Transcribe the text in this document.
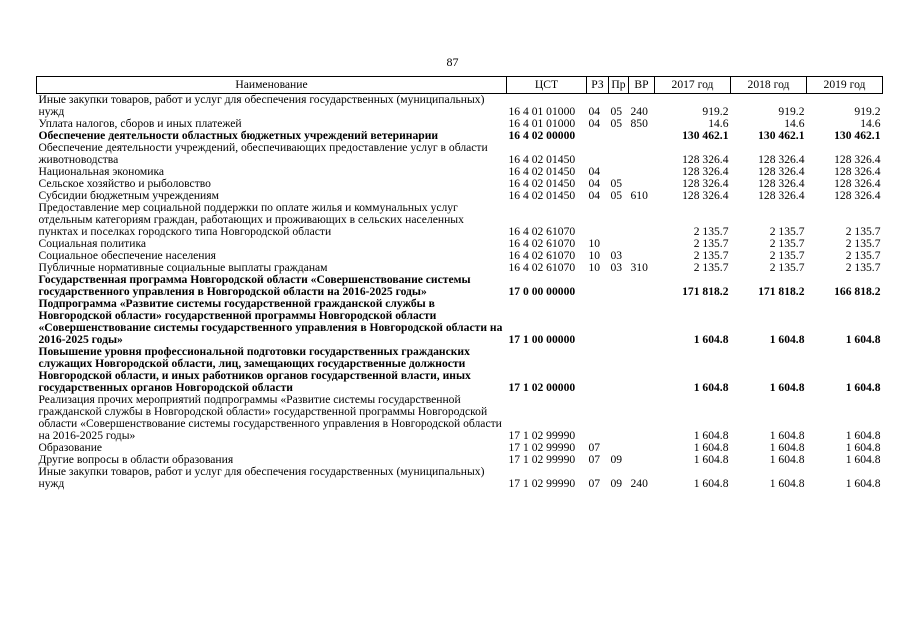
87
Наименование	ЦСТ	РЗ	Пр	ВР	2017 год	2018 год	2019 год
Иные закупки товаров, работ и услуг для обеспечения государственных (муниципальных) нужд	16 4 01 01000	04	05	240	919.2	919.2	919.2
Уплата налогов, сборов и иных платежей	16 4 01 01000	04	05	850	14.6	14.6	14.6
Обеспечение деятельности областных бюджетных учреждений ветеринарии	16 4 02 00000				130 462.1	130 462.1	130 462.1
Обеспечение деятельности учреждений, обеспечивающих предоставление услуг в области животноводства	16 4 02 01450				128 326.4	128 326.4	128 326.4
Национальная экономика	16 4 02 01450	04			128 326.4	128 326.4	128 326.4
Сельское хозяйство и рыболовство	16 4 02 01450	04	05		128 326.4	128 326.4	128 326.4
Субсидии бюджетным учреждениям	16 4 02 01450	04	05	610	128 326.4	128 326.4	128 326.4
Предоставление мер социальной поддержки по оплате жилья и коммунальных услуг отдельным категориям граждан, работающих и проживающих в сельских населенных пунктах и поселках городского типа Новгородской области	16 4 02 61070				2 135.7	2 135.7	2 135.7
Социальная политика	16 4 02 61070	10			2 135.7	2 135.7	2 135.7
Социальное обеспечение населения	16 4 02 61070	10	03		2 135.7	2 135.7	2 135.7
Публичные нормативные социальные выплаты гражданам	16 4 02 61070	10	03	310	2 135.7	2 135.7	2 135.7
Государственная программа Новгородской области «Совершенствование системы государственного управления в Новгородской области на 2016-2025 годы»	17 0 00 00000				171 818.2	171 818.2	166 818.2
Подпрограмма «Развитие системы государственной гражданской службы в Новгородской области» государственной программы Новгородской области «Совершенствование системы государственного управления в Новгородской области на 2016-2025 годы»	17 1 00 00000				1 604.8	1 604.8	1 604.8
Повышение уровня профессиональной подготовки государственных гражданских служащих Новгородской области, лиц, замещающих государственные должности Новгородской области, и иных работников органов государственной власти, иных государственных органов Новгородской области	17 1 02 00000				1 604.8	1 604.8	1 604.8
Реализация прочих мероприятий подпрограммы «Развитие системы государственной гражданской службы в Новгородской области» государственной программы Новгородской области «Совершенствование системы государственного управления в Новгородской области на 2016-2025 годы»	17 1 02 99990				1 604.8	1 604.8	1 604.8
Образование	17 1 02 99990	07			1 604.8	1 604.8	1 604.8
Другие вопросы в области образования	17 1 02 99990	07	09		1 604.8	1 604.8	1 604.8
Иные закупки товаров, работ и услуг для обеспечения государственных (муниципальных) нужд	17 1 02 99990	07	09	240	1 604.8	1 604.8	1 604.8
